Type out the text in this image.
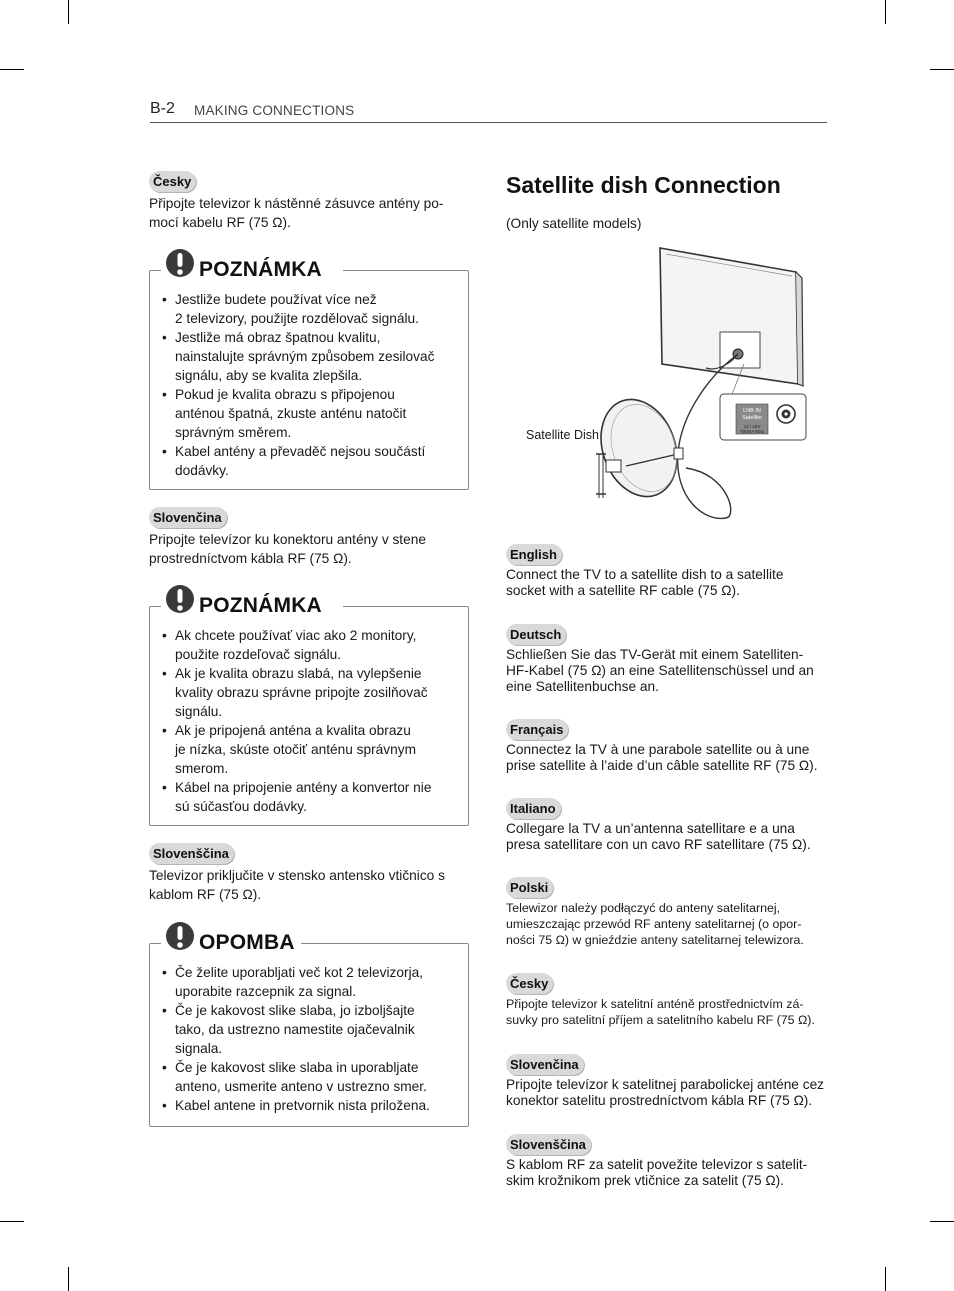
B-2 MAKING CONNECTIONS
Česky

Připojte televizor k nástěnné zásuvce antény po-
mocí kabelu RF (75 Ω).

POZNÁMKA
• Jestliže budete používat více než
2 televizory, použijte rozdělovač signálu.
• Jestliže má obraz špatnou kvalitu,
nainstalujte správným způsobem zesilovač
signálu, aby se kvalita zlepšila.
• Pokud je kvalita obrazu s připojenou
anténou špatná, zkuste anténu natočit
správným směrem.
• Kabel antény a převaděč nejsou součástí
dodávky.
Slovenčina

Pripojte televízor ku konektoru antény v stene
prostredníctvom kábla RF (75 Ω).

POZNÁMKA
• Ak chcete používať viac ako 2 monitory,
použite rozdeľovač signálu.
• Ak je kvalita obrazu slabá, na vylepšenie
kvality obrazu správne pripojte zosilňovač
signálu.
• Ak je pripojená anténa a kvalita obrazu
je nízka, skúste otočiť anténu správnym
smerom.
• Kábel na pripojenie antény a konvertor nie
sú súčasťou dodávky.
Slovenščina

Televizor priključite v stensko antensko vtičnico s
kablom RF (75 Ω).

OPOMBA
• Če želite uporabljati več kot 2 televizorja,
uporabite razcepnik za signal.
• Če je kakovost slike slaba, jo izboljšajte
tako, da ustrezno namestite ojačevalnik
signala.
• Če je kakovost slike slaba in uporabljate
anteno, usmerite anteno v ustrezno smer.
• Kabel antene in pretvornik nista priložena.
Satellite dish Connection
(Only satellite models)
LNB IN
Satellite
13 / 18V
700mA Max
Satellite Dish
English

Connect the TV to a satellite dish to a satellite
socket with a satellite RF cable (75 Ω).

Deutsch

Schließen Sie das TV-Gerät mit einem Satelliten-
HF-Kabel (75 Ω) an eine Satellitenschüssel und an
eine Satellitenbuchse an.

Français

Connectez la TV à une parabole satellite ou à une
prise satellite à l’aide d’un câble satellite RF (75 Ω).

Italiano

Collegare la TV a un’antenna satellitare e a una
presa satellitare con un cavo RF satellitare (75 Ω).

Polski

Telewizor należy podłączyć do anteny satelitarnej,
umieszczając przewód RF anteny satelitarnej (o opor-
ności 75 Ω) w gnieździe anteny satelitarnej telewizora.

Česky

Připojte televizor k satelitní anténě prostřednictvím zá-
suvky pro satelitní příjem a satelitního kabelu RF (75 Ω).

Slovenčina

Pripojte televízor k satelitnej parabolickej anténe cez
konektor satelitu prostredníctvom kábla RF (75 Ω).

Slovenščina

S kablom RF za satelit povežite televizor s satelit-
skim krožnikom prek vtičnice za satelit (75 Ω).
